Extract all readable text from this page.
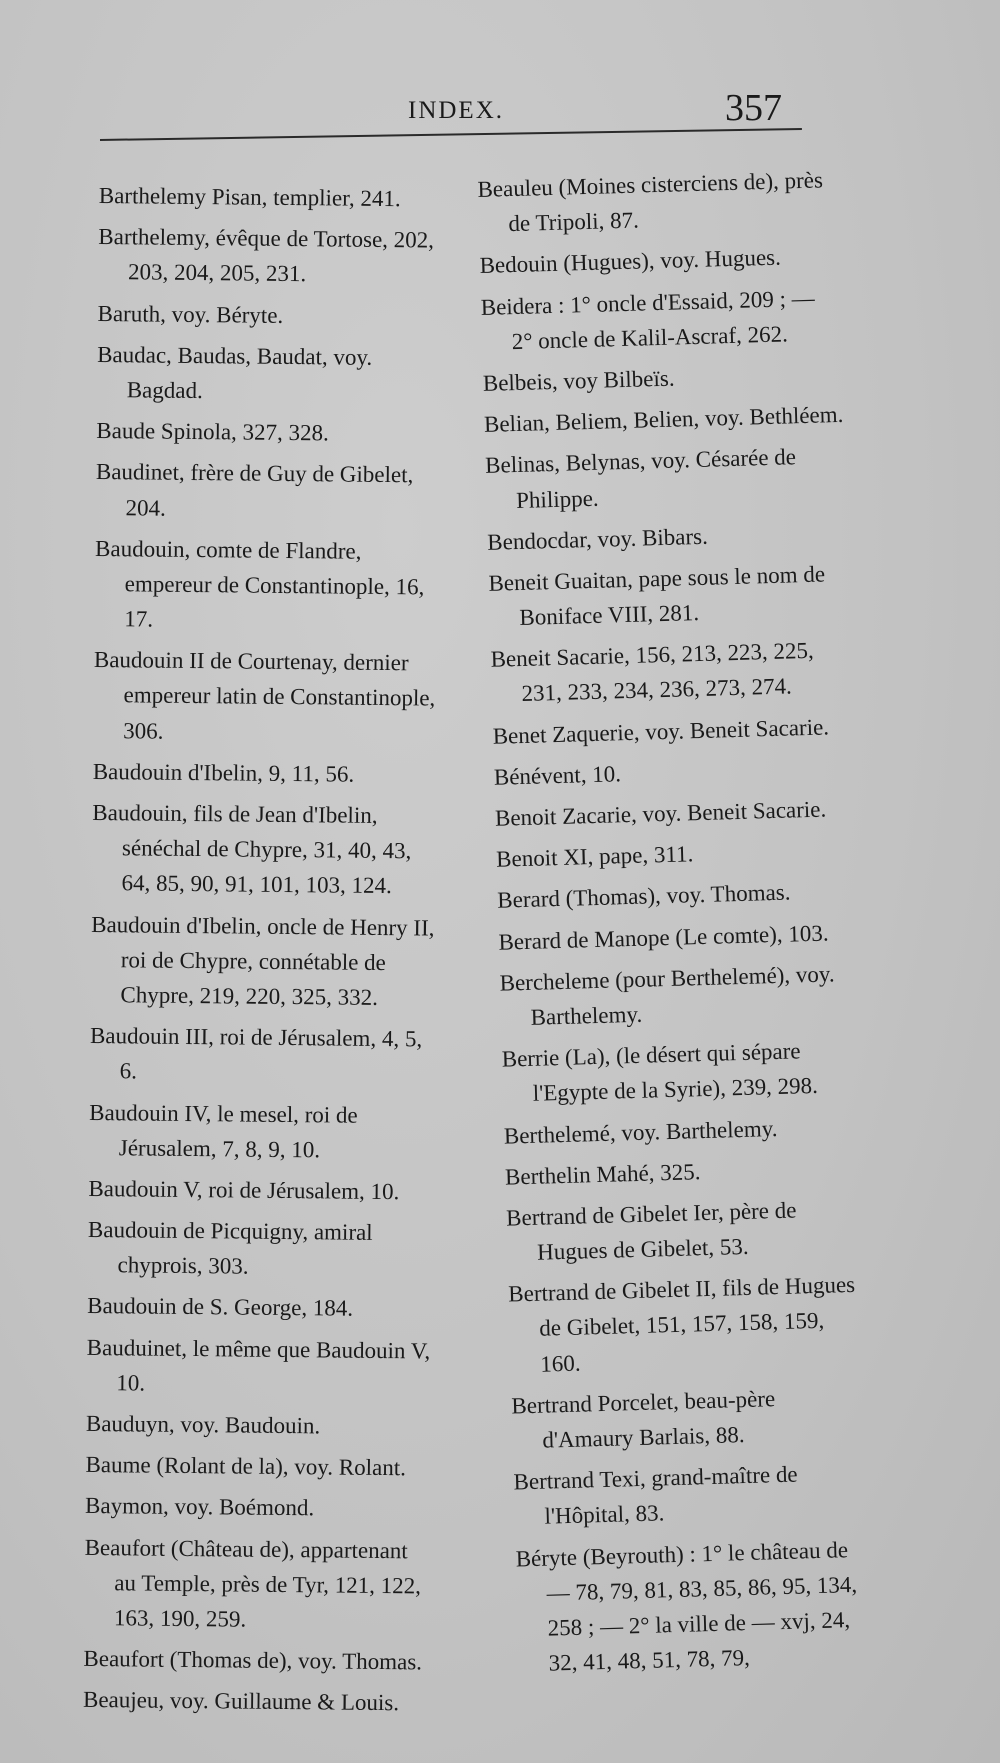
INDEX.	357

Barthelemy Pisan, templier, 241.

Barthelemy, évêque de Tortose, 202, 203, 204, 205, 231.

Baruth, voy. Béryte.

Baudac, Baudas, Baudat, voy. Bagdad.

Baude Spinola, 327, 328.

Baudinet, frère de Guy de Gibelet, 204.

Baudouin, comte de Flandre, empereur de Constantinople, 16, 17.

Baudouin II de Courtenay, dernier empereur latin de Constantinople, 306.

Baudouin d'Ibelin, 9, 11, 56.

Baudouin, fils de Jean d'Ibelin, sénéchal de Chypre, 31, 40, 43, 64, 85, 90, 91, 101, 103, 124.

Baudouin d'Ibelin, oncle de Henry II, roi de Chypre, connétable de Chypre, 219, 220, 325, 332.

Baudouin III, roi de Jérusalem, 4, 5, 6.

Baudouin IV, le mesel, roi de Jérusalem, 7, 8, 9, 10.

Baudouin V, roi de Jérusalem, 10.

Baudouin de Picquigny, amiral chyprois, 303.

Baudouin de S. George, 184.

Bauduinet, le même que Baudouin V, 10.

Bauduyn, voy. Baudouin.

Baume (Rolant de la), voy. Rolant.

Baymon, voy. Boémond.

Beaufort (Château de), appartenant au Temple, près de Tyr, 121, 122, 163, 190, 259.

Beaufort (Thomas de), voy. Thomas.

Beaujeu, voy. Guillaume & Louis.

Beauleu (Moines cisterciens de), près de Tripoli, 87.

Bedouin (Hugues), voy. Hugues.

Beidera : 1° oncle d'Essaid, 209 ; — 2° oncle de Kalil-Ascraf, 262.

Belbeis, voy Bilbeïs.

Belian, Beliem, Belien, voy. Bethléem.

Belinas, Belynas, voy. Césarée de Philippe.

Bendocdar, voy. Bibars.

Beneit Guaitan, pape sous le nom de Boniface VIII, 281.

Beneit Sacarie, 156, 213, 223, 225, 231, 233, 234, 236, 273, 274.

Benet Zaquerie, voy. Beneit Sacarie.

Bénévent, 10.

Benoit Zacarie, voy. Beneit Sacarie.

Benoit XI, pape, 311.

Berard (Thomas), voy. Thomas.

Berard de Manope (Le comte), 103.

Bercheleme (pour Berthelemé), voy. Barthelemy.

Berrie (La), (le désert qui sépare l'Egypte de la Syrie), 239, 298.

Berthelemé, voy. Barthelemy.

Berthelin Mahé, 325.

Bertrand de Gibelet Ier, père de Hugues de Gibelet, 53.

Bertrand de Gibelet II, fils de Hugues de Gibelet, 151, 157, 158, 159, 160.

Bertrand Porcelet, beau-père d'Amaury Barlais, 88.

Bertrand Texi, grand-maître de l'Hôpital, 83.

Béryte (Beyrouth) : 1° le château de — 78, 79, 81, 83, 85, 86, 95, 134, 258 ; — 2° la ville de — xvj, 24, 32, 41, 48, 51, 78, 79,
